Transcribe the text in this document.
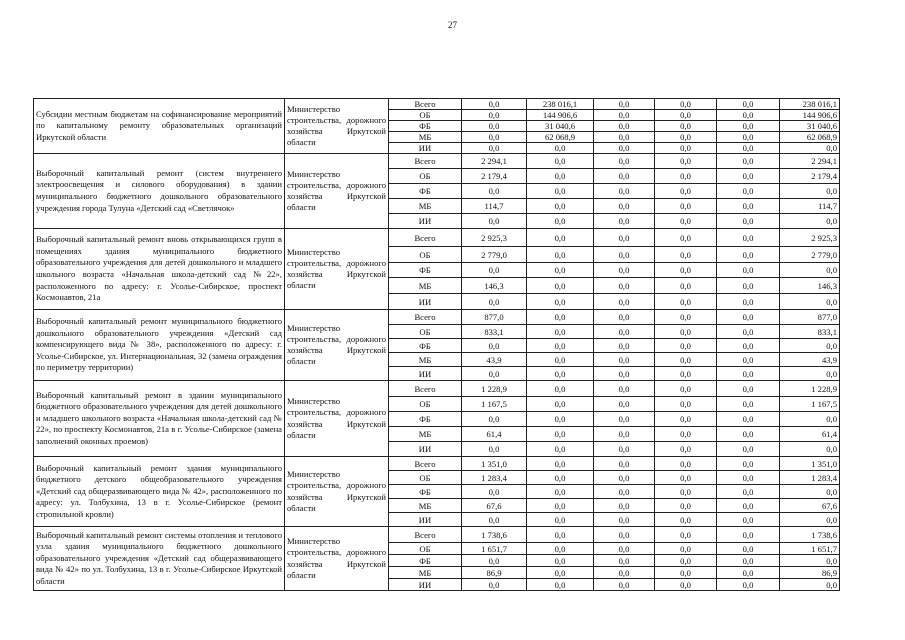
27
Субсидии местным бюджетам на софинансирование мероприятий по капитальному ремонту образовательных организаций Иркутской области	Министерство строительства, дорожного хозяйства Иркутской области	Всего	0,0	238 016,1	0,0	0,0	0,0	238 016,1
		ОБ	0,0	144 906,6	0,0	0,0	0,0	144 906,6
		ФБ	0,0	31 040,6	0,0	0,0	0,0	31 040,6
		МБ	0,0	62 068,9	0,0	0,0	0,0	62 068,9
		ИИ	0,0	0,0	0,0	0,0	0,0	0,0
Выборочный капитальный ремонт (систем внутреннего электроосвещения и силового оборудования) в здании муниципального бюджетного дошкольного образовательного учреждения города Тулуна «Детский сад «Светлячок»	Министерство строительства, дорожного хозяйства Иркутской области	Всего	2 294,1	0,0	0,0	0,0	0,0	2 294,1
		ОБ	2 179,4	0,0	0,0	0,0	0,0	2 179,4
		ФБ	0,0	0,0	0,0	0,0	0,0	0,0
		МБ	114,7	0,0	0,0	0,0	0,0	114,7
		ИИ	0,0	0,0	0,0	0,0	0,0	0,0
Выборочный капитальный ремонт вновь открывающихся групп в помещениях здания муниципального бюджетного образовательного учреждения для детей дошкольного и младшего школьного возраста «Начальная школа-детский сад №22», расположенного по адресу: г. Усолье-Сибирское, проспект Космонавтов, 21а	Министерство строительства, дорожного хозяйства Иркутской области	Всего	2 925,3	0,0	0,0	0,0	0,0	2 925,3
		ОБ	2 779,0	0,0	0,0	0,0	0,0	2 779,0
		ФБ	0,0	0,0	0,0	0,0	0,0	0,0
		МБ	146,3	0,0	0,0	0,0	0,0	146,3
		ИИ	0,0	0,0	0,0	0,0	0,0	0,0
Выборочный капитальный ремонт муниципального бюджетного дошкольного образовательного учреждения «Детский сад компенсирующего вида № 38», расположенного по адресу: г. Усолье-Сибирское, ул. Интернациональная, 32 (замена ограждения по периметру территории)	Министерство строительства, дорожного хозяйства Иркутской области	Всего	877,0	0,0	0,0	0,0	0,0	877,0
		ОБ	833,1	0,0	0,0	0,0	0,0	833,1
		ФБ	0,0	0,0	0,0	0,0	0,0	0,0
		МБ	43,9	0,0	0,0	0,0	0,0	43,9
		ИИ	0,0	0,0	0,0	0,0	0,0	0,0
Выборочный капитальный ремонт в здании муниципального бюджетного образовательного учреждения для детей дошкольного и младшего школьного возраста «Начальная школа-детский сад № 22», по проспекту Космонавтов, 21а в г. Усолье-Сибирское (замена заполнений оконных проемов)	Министерство строительства, дорожного хозяйства Иркутской области	Всего	1 228,9	0,0	0,0	0,0	0,0	1 228,9
		ОБ	1 167,5	0,0	0,0	0,0	0,0	1 167,5
		ФБ	0,0	0,0	0,0	0,0	0,0	0,0
		МБ	61,4	0,0	0,0	0,0	0,0	61,4
		ИИ	0,0	0,0	0,0	0,0	0,0	0,0
Выборочный капитальный ремонт здания муниципального бюджетного детского общеобразовательного учреждения «Детский сад общеразвивающего вида № 42», расположенного по адресу: ул. Толбухина, 13 в г. Усолье-Сибирское (ремонт стропильной кровли)	Министерство строительства, дорожного хозяйства Иркутской области	Всего	1 351,0	0,0	0,0	0,0	0,0	1 351,0
		ОБ	1 283,4	0,0	0,0	0,0	0,0	1 283,4
		ФБ	0,0	0,0	0,0	0,0	0,0	0,0
		МБ	67,6	0,0	0,0	0,0	0,0	67,6
		ИИ	0,0	0,0	0,0	0,0	0,0	0,0
Выборочный капитальный ремонт системы отопления и теплового узла здания муниципального бюджетного дошкольного образовательного учреждения «Детский сад общеразвивающего вида № 42» по ул. Толбухина, 13 в г. Усолье-Сибирское Иркутской области	Министерство строительства, дорожного хозяйства Иркутской области	Всего	1 738,6	0,0	0,0	0,0	0,0	1 738,6
		ОБ	1 651,7	0,0	0,0	0,0	0,0	1 651,7
		ФБ	0,0	0,0	0,0	0,0	0,0	0,0
		МБ	86,9	0,0	0,0	0,0	0,0	86,9
		ИИ	0,0	0,0	0,0	0,0	0,0	0,0
